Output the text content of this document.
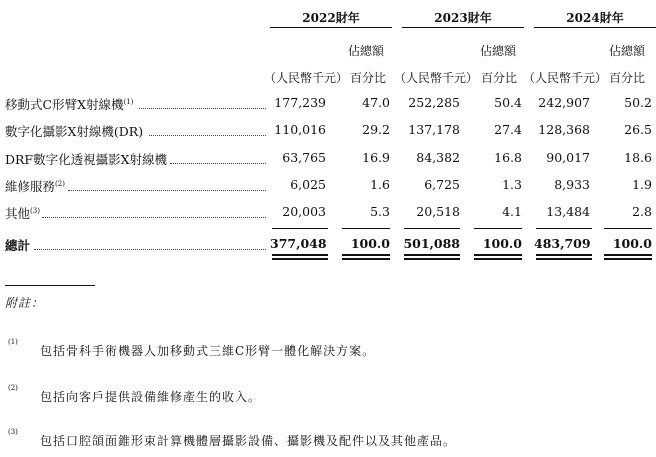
2022財年	2023財年	2024財年
佔總額	佔總額	佔總額
（人民幣千元） 百分比 （人民幣千元） 百分比 （人民幣千元） 百分比
移動式C形臂X射線機$^{(1)}$	177,239	47.0	252,285	50.4	242,907	50.2
數字化攝影X射線機(DR)	110,016	29.2	137,178	27.4	128,368	26.5
DRF數字化透視攝影X射線機	63,765	16.9	84,382	16.8	90,017	18.6
維修服務$^{(2)}$	6,025	1.6	6,725	1.3	8,933	1.9
其他$^{(3)}$	20,003	5.3	20,518	4.1	13,484	2.8
總計	377,048	100.0 501,088	100.0 483,709	100.0
附註：
(1)
包括骨科手術機器人加移動式三維C形臂一體化解決方案。
(2)
包括向客戶提供設備維修產生的收入。
(3)
包括口腔頜面錐形束計算機體層攝影設備、攝影機及配件以及其他產品。
